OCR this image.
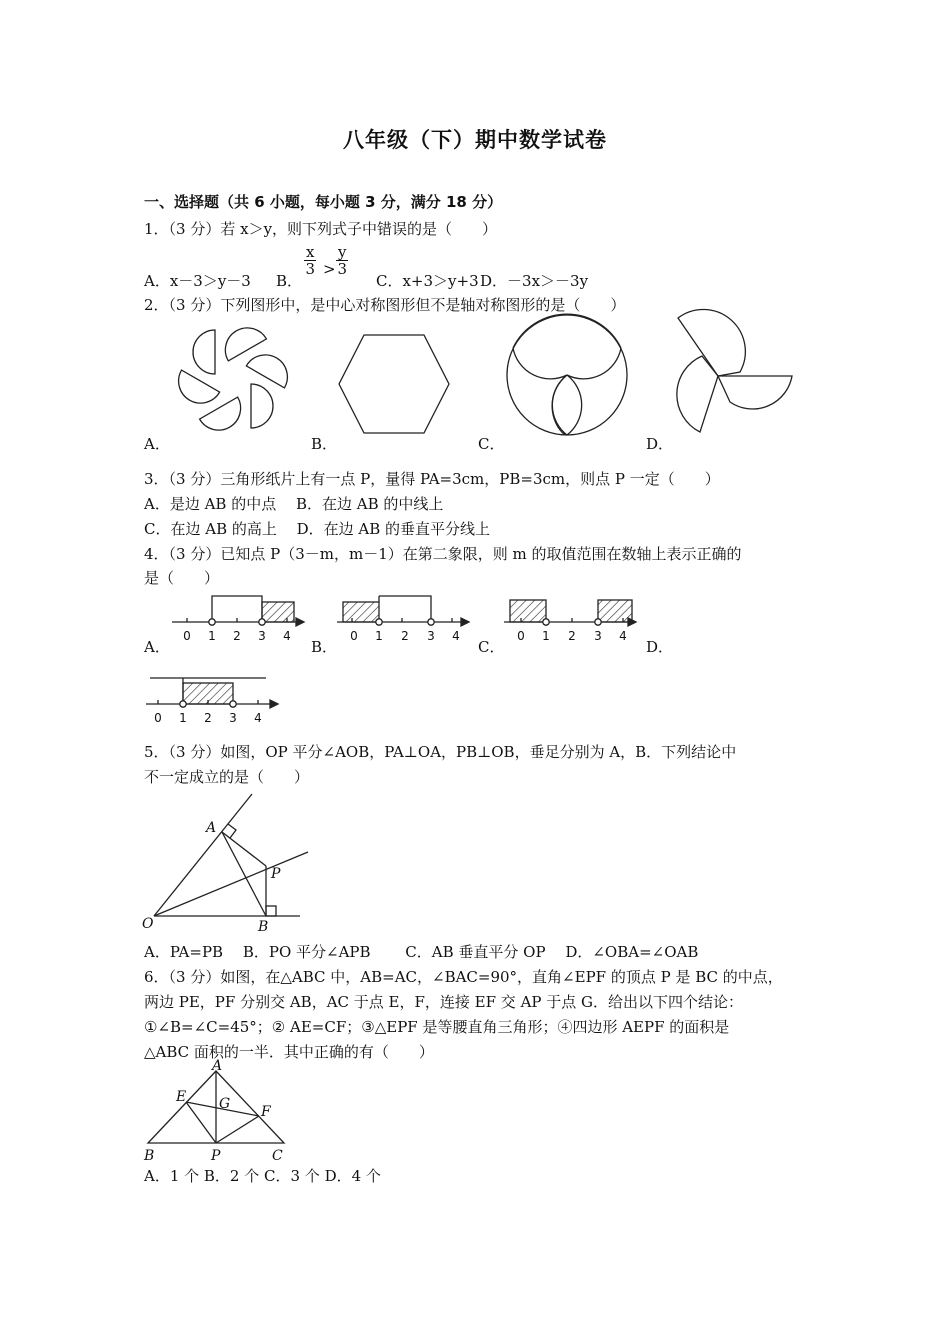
八年级（下）期中数学试卷
一、选择题（共 6 小题，每小题 3 分，满分 18 分）
1．（3 分）若 x＞y，则下列式子中错误的是（　　）
A．x－3＞y－3 B．
$\frac{x}{3} > \frac{y}{3}$
C．x+3＞y+3 D．－3x＞－3y
2．（3 分）下列图形中，是中心对称图形但不是轴对称图形的是（　　）
A．	B．	C．	D．
3．（3 分）三角形纸片上有一点 P，量得 PA=3cm，PB=3cm，则点 P 一定（　　）
A．是边 AB 的中点　 B．在边 AB 的中线上
C．在边 AB 的高上　 D．在边 AB 的垂直平分线上
4．（3 分）已知点 P（3－m，m－1）在第二象限，则 m 的取值范围在数轴上表示正确的
是（　　）
0 1 2 3 4
A．
0 1 2 3 4
B．
0 1 2 3 4
C．	D．
0 1 2 3 4
5．（3 分）如图，OP 平分∠AOB，PA⊥OA，PB⊥OB，垂足分别为 A，B．下列结论中
不一定成立的是（　　）
A
P
O	B
A．PA=PB　 B．PO 平分∠APB　　 C．AB 垂直平分 OP　 D．∠OBA=∠OAB
6．（3 分）如图，在△ABC 中，AB=AC，∠BAC=90°，直角∠EPF 的顶点 P 是 BC 的中点，
两边 PE，PF 分别交 AB，AC 于点 E，F，连接 EF 交 AP 于点 G．给出以下四个结论：
①∠B=∠C=45°；② AE=CF；③△EPF 是等腰直角三角形；④四边形 AEPF 的面积是
△ABC 面积的一半．其中正确的有（　　）
A
E G F
B	P	C
A．1 个 B．2 个 C．3 个 D．4 个
